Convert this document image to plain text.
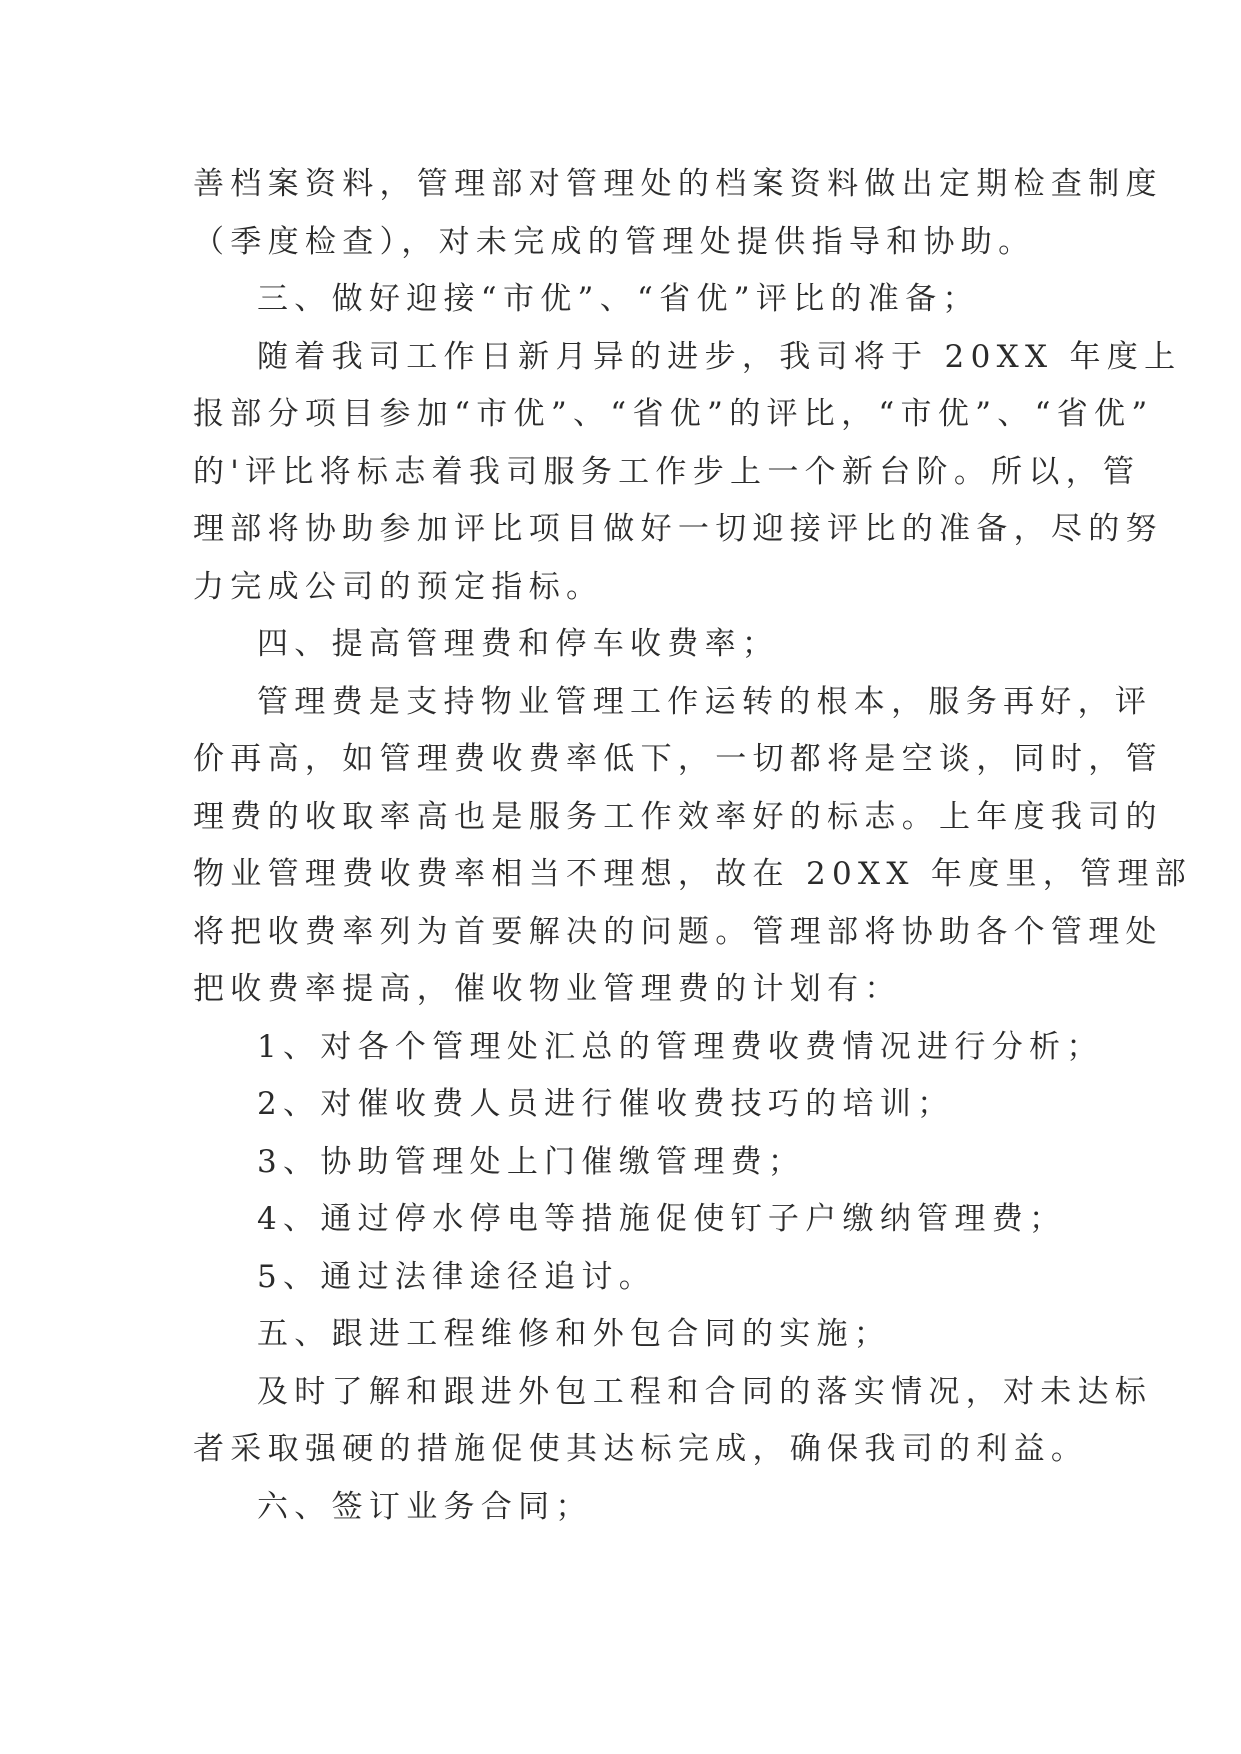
善档案资料，管理部对管理处的档案资料做出定期检查制度
（季度检查），对未完成的管理处提供指导和协助。
三、做好迎接“市优”、“省优”评比的准备；
随着我司工作日新月异的进步，我司将于 20XX 年度上
报部分项目参加“市优”、“省优”的评比，“市优”、“省优”
的'评比将标志着我司服务工作步上一个新台阶。所以，管
理部将协助参加评比项目做好一切迎接评比的准备，尽的努
力完成公司的预定指标。
四、提高管理费和停车收费率；
管理费是支持物业管理工作运转的根本，服务再好，评
价再高，如管理费收费率低下，一切都将是空谈，同时，管
理费的收取率高也是服务工作效率好的标志。上年度我司的
物业管理费收费率相当不理想，故在 20XX 年度里，管理部
将把收费率列为首要解决的问题。管理部将协助各个管理处
把收费率提高，催收物业管理费的计划有：
1、对各个管理处汇总的管理费收费情况进行分析；
2、对催收费人员进行催收费技巧的培训；
3、协助管理处上门催缴管理费；
4、通过停水停电等措施促使钉子户缴纳管理费；
5、通过法律途径追讨。
五、跟进工程维修和外包合同的实施；
及时了解和跟进外包工程和合同的落实情况，对未达标
者采取强硬的措施促使其达标完成，确保我司的利益。
六、签订业务合同；
